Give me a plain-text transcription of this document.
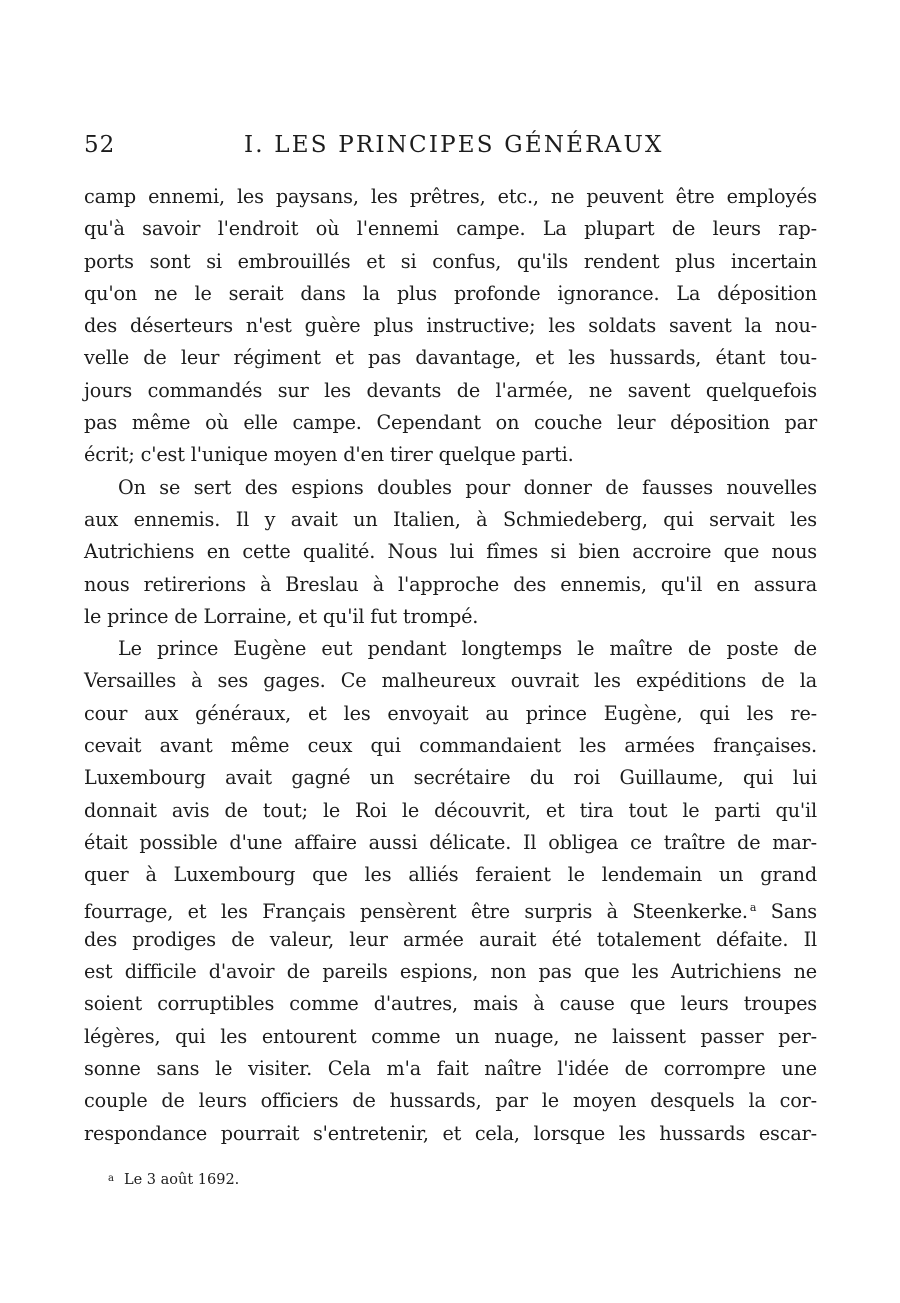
52	I. LES PRINCIPES GÉNÉRAUX
camp ennemi, les paysans, les prêtres, etc., ne peuvent être employés
qu'à savoir l'endroit où l'ennemi campe. La plupart de leurs rap-
ports sont si embrouillés et si confus, qu'ils rendent plus incertain
qu'on ne le serait dans la plus profonde ignorance. La déposition
des déserteurs n'est guère plus instructive; les soldats savent la nou-
velle de leur régiment et pas davantage, et les hussards, étant tou-
jours commandés sur les devants de l'armée, ne savent quelquefois
pas même où elle campe. Cependant on couche leur déposition par
écrit; c'est l'unique moyen d'en tirer quelque parti.
On se sert des espions doubles pour donner de fausses nouvelles
aux ennemis. Il y avait un Italien, à Schmiedeberg, qui servait les
Autrichiens en cette qualité. Nous lui fîmes si bien accroire que nous
nous retirerions à Breslau à l'approche des ennemis, qu'il en assura
le prince de Lorraine, et qu'il fut trompé.
Le prince Eugène eut pendant longtemps le maître de poste de
Versailles à ses gages. Ce malheureux ouvrait les expéditions de la
cour aux généraux, et les envoyait au prince Eugène, qui les re-
cevait avant même ceux qui commandaient les armées françaises.
Luxembourg avait gagné un secrétaire du roi Guillaume, qui lui
donnait avis de tout; le Roi le découvrit, et tira tout le parti qu'il
était possible d'une affaire aussi délicate. Il obligea ce traître de mar-
quer à Luxembourg que les alliés feraient le lendemain un grand
fourrage, et les Français pensèrent être surpris à Steenkerke. $^a$ Sans
des prodiges de valeur, leur armée aurait été totalement défaite. Il
est difficile d'avoir de pareils espions, non pas que les Autrichiens ne
soient corruptibles comme d'autres, mais à cause que leurs troupes
légères, qui les entourent comme un nuage, ne laissent passer per-
sonne sans le visiter. Cela m'a fait naître l'idée de corrompre une
couple de leurs officiers de hussards, par le moyen desquels la cor-
respondance pourrait s'entretenir, et cela, lorsque les hussards escar-
$^a$ Le 3 août 1692.
